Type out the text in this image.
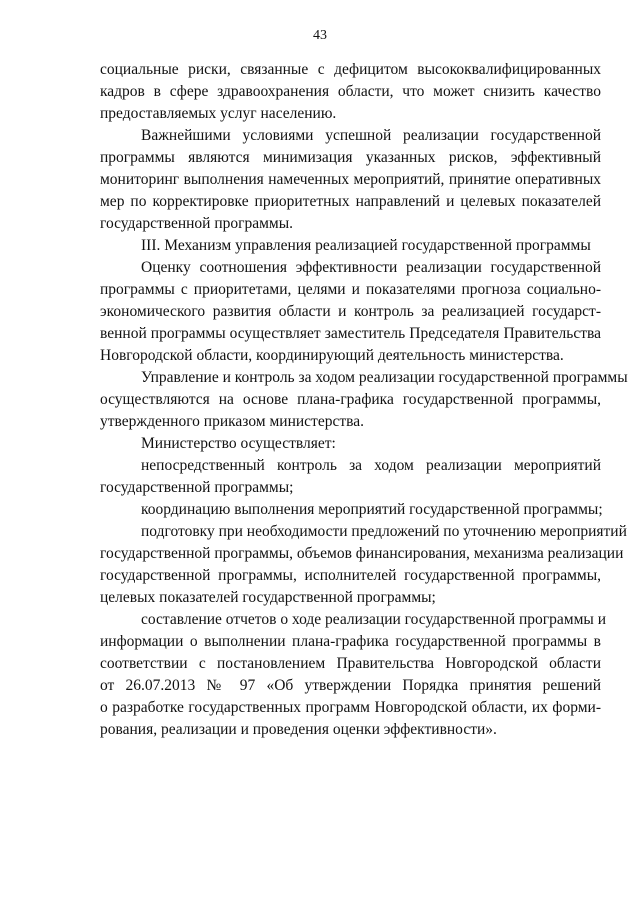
43
социальные риски, связанные с дефицитом высококвалифицированных
кадров в сфере здравоохранения области, что может снизить качество
предоставляемых услуг населению.
Важнейшими условиями успешной реализации государственной
программы являются минимизация указанных рисков, эффективный
мониторинг выполнения намеченных мероприятий, принятие оперативных
мер по корректировке приоритетных направлений и целевых показателей
государственной программы.
III. Механизм управления реализацией государственной программы
Оценку соотношения эффективности реализации государственной
программы с приоритетами, целями и показателями прогноза социально-
экономического развития области и контроль за реализацией государст-
венной программы осуществляет заместитель Председателя Правительства
Новгородской области, координирующий деятельность министерства.
Управление и контроль за ходом реализации государственной программы
осуществляются на основе плана-графика государственной программы,
утвержденного приказом министерства.
Министерство осуществляет:
непосредственный контроль за ходом реализации мероприятий
государственной программы;
координацию выполнения мероприятий государственной программы;
подготовку при необходимости предложений по уточнению мероприятий
государственной программы, объемов финансирования, механизма реализации
государственной программы, исполнителей государственной программы,
целевых показателей государственной программы;
составление отчетов о ходе реализации государственной программы и
информации о выполнении плана-графика государственной программы в
соответствии с постановлением Правительства Новгородской области
от 26.07.2013 № 97 «Об утверждении Порядка принятия решений
о разработке государственных программ Новгородской области, их форми-
рования, реализации и проведения оценки эффективности».
